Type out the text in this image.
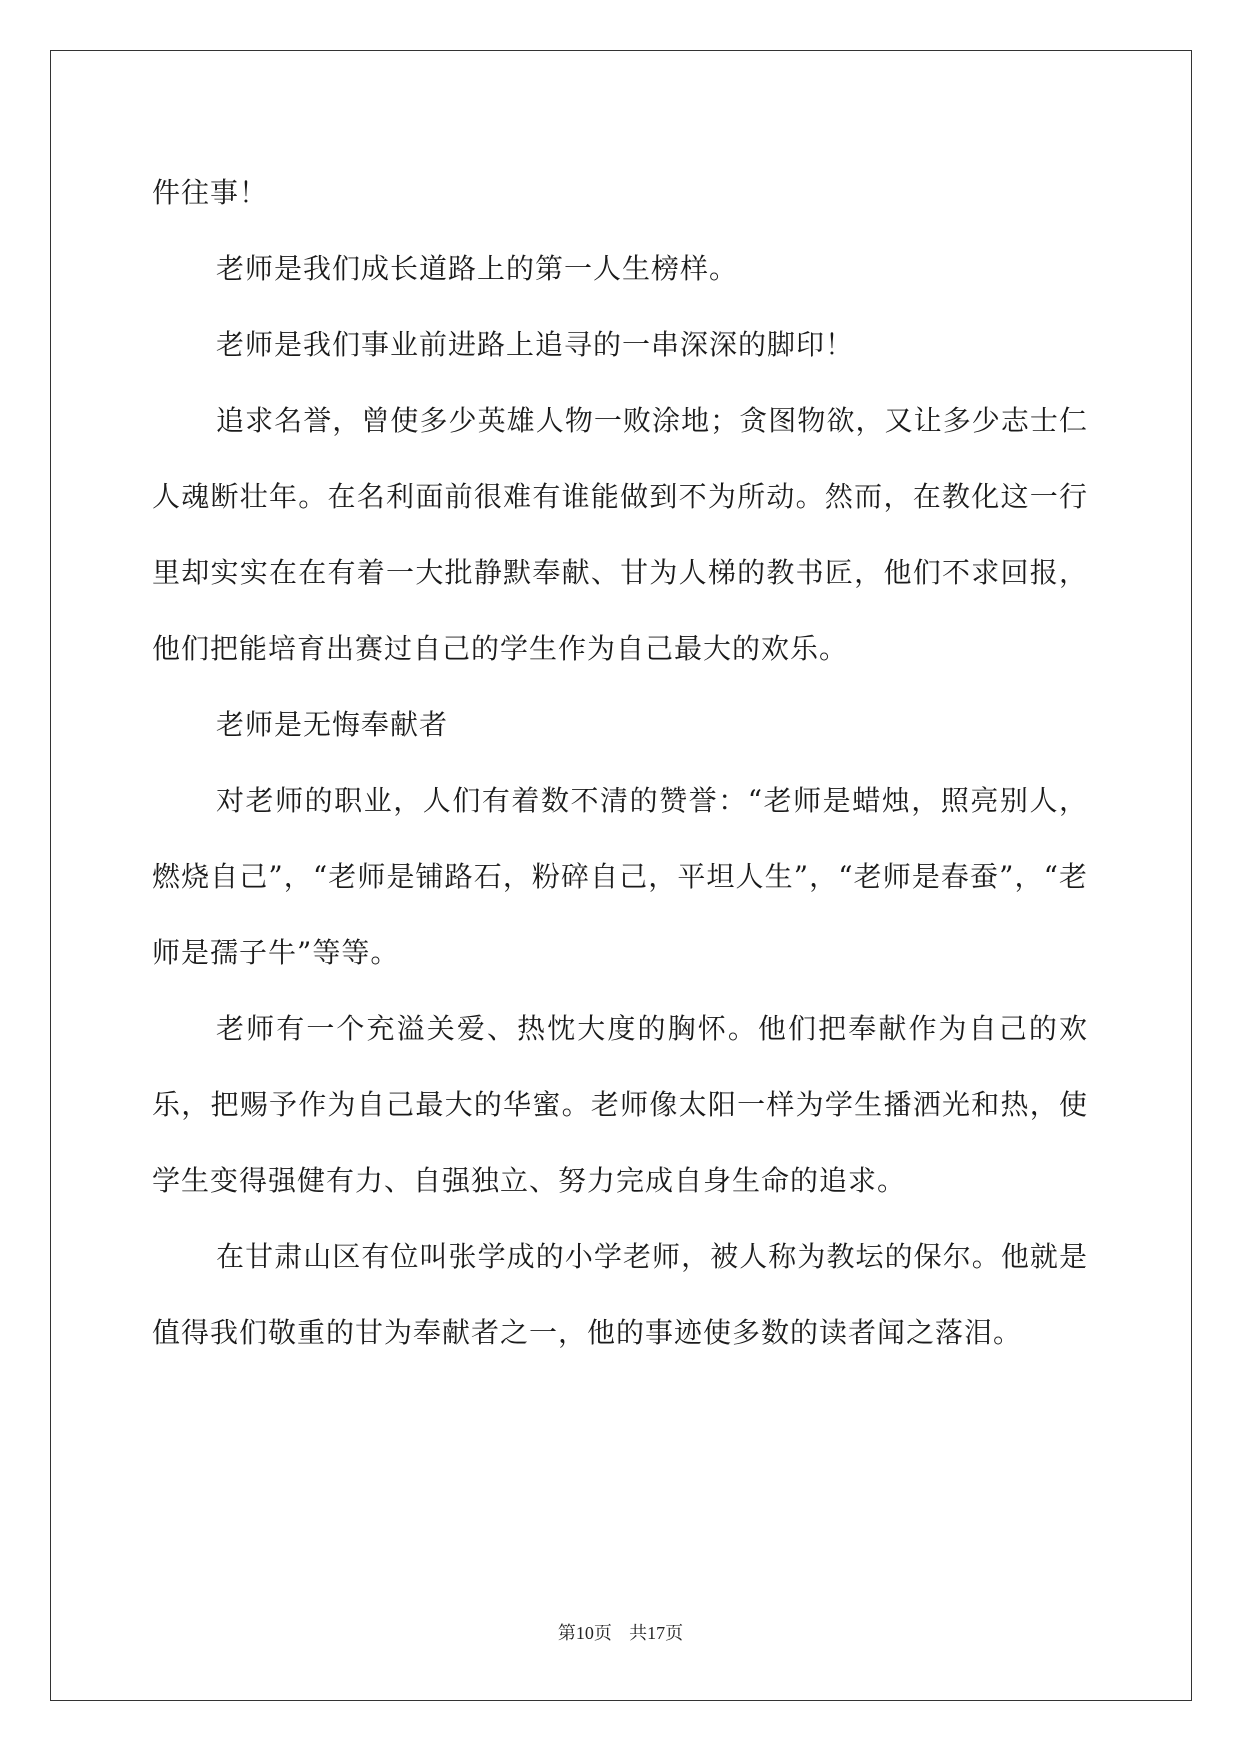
件往事！

老师是我们成长道路上的第一人生榜样。

老师是我们事业前进路上追寻的一串深深的脚印！

追求名誉，曾使多少英雄人物一败涂地；贪图物欲，又让多少志士仁人魂断壮年。在名利面前很难有谁能做到不为所动。然而，在教化这一行里却实实在在有着一大批静默奉献、甘为人梯的教书匠，他们不求回报，他们把能培育出赛过自己的学生作为自己最大的欢乐。

老师是无悔奉献者

对老师的职业，人们有着数不清的赞誉：“老师是蜡烛，照亮别人，燃烧自己”，“老师是铺路石，粉碎自己，平坦人生”，“老师是春蚕”，“老师是孺子牛”等等。

老师有一个充溢关爱、热忱大度的胸怀。他们把奉献作为自己的欢乐，把赐予作为自己最大的华蜜。老师像太阳一样为学生播洒光和热，使学生变得强健有力、自强独立、努力完成自身生命的追求。

在甘肃山区有位叫张学成的小学老师，被人称为教坛的保尔。他就是值得我们敬重的甘为奉献者之一，他的事迹使多数的读者闻之落泪。

第10页 共17页
